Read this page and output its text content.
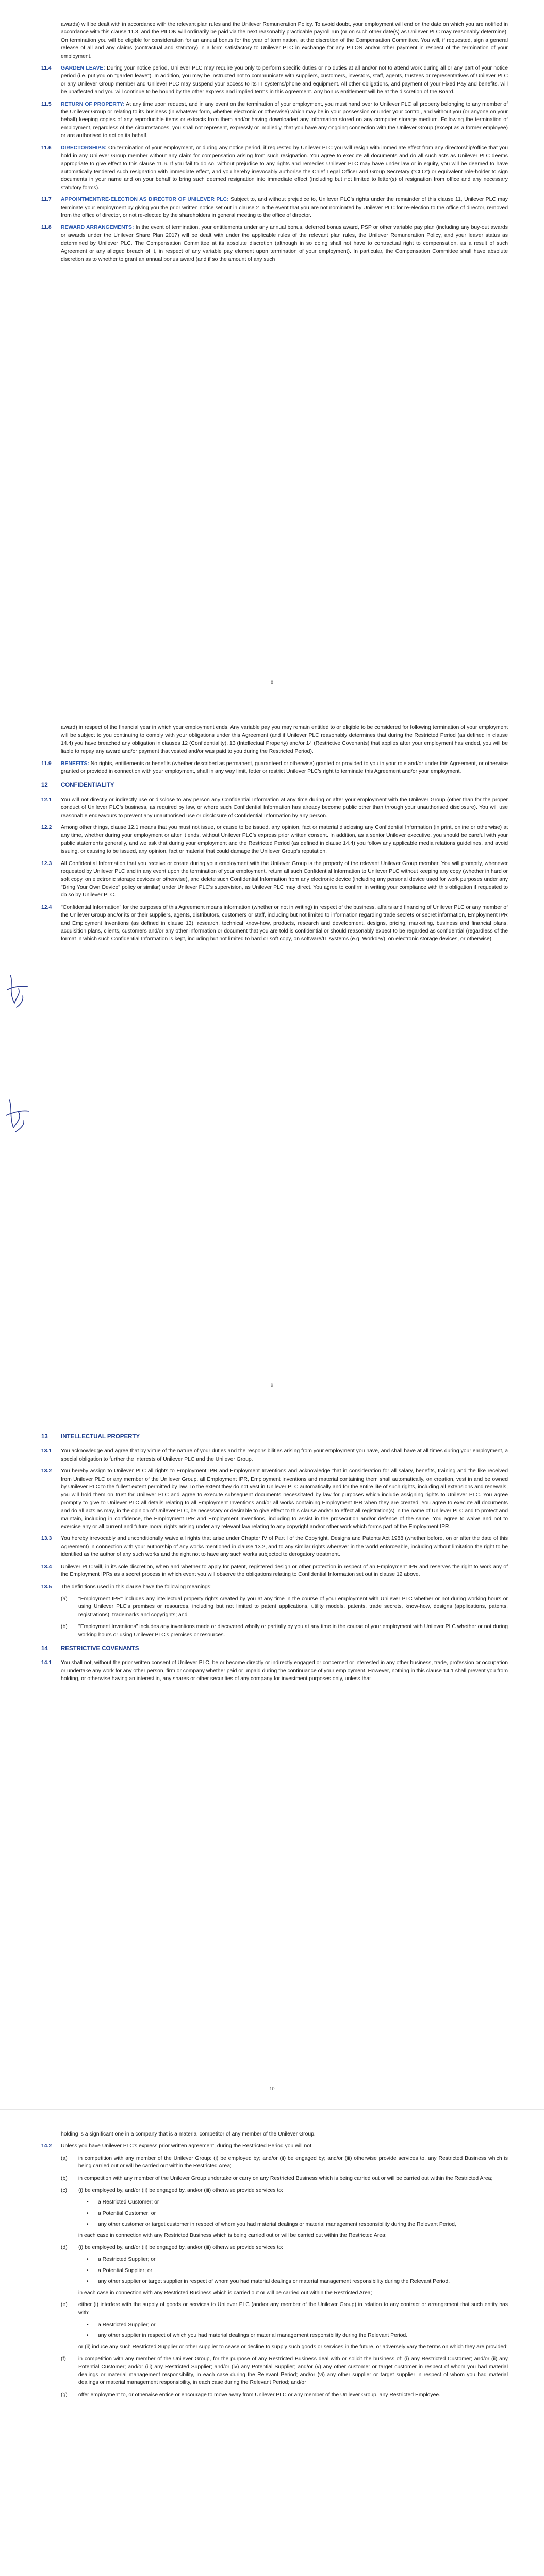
awards) will be dealt with in accordance with the relevant plan rules and the Unilever Remuneration Policy. To avoid doubt, your employment will end on the date on which you are notified in accordance with this clause 11.3, and the PILON will ordinarily be paid via the next reasonably practicable payroll run (or on such other date(s) as Unilever PLC may reasonably determine). On termination you will be eligible for consideration for an annual bonus for the year of termination, at the discretion of the Compensation Committee. You will, if requested, sign a general release of all and any claims (contractual and statutory) in a form satisfactory to Unilever PLC in exchange for any PILON and/or other payment in respect of the termination of your employment.
11.4	GARDEN LEAVE: During your notice period, Unilever PLC may require you only to perform specific duties or no duties at all and/or not to attend work during all or any part of your notice period (i.e. put you on "garden leave"). In addition, you may be instructed not to communicate with suppliers, customers, investors, staff, agents, trustees or representatives of Unilever PLC or any Unilever Group member and Unilever PLC may suspend your access to its IT systems/phone and equipment. All other obligations, and payment of your Fixed Pay and benefits, will be unaffected and you will continue to be bound by the other express and implied terms in this Agreement. Any bonus entitlement will be at the discretion of the Board.
11.5	RETURN OF PROPERTY: At any time upon request, and in any event on the termination of your employment, you must hand over to Unilever PLC all property belonging to any member of the Unilever Group or relating to its business (in whatever form, whether electronic or otherwise) which may be in your possession or under your control, and without you (or anyone on your behalf) keeping copies of any reproducible items or extracts from them and/or having downloaded any information stored on any computer storage medium. Following the termination of employment, regardless of the circumstances, you shall not represent, expressly or impliedly, that you have any ongoing connection with the Unilever Group (except as a former employee) or are authorised to act on its behalf.
11.6	DIRECTORSHIPS: On termination of your employment, or during any notice period, if requested by Unilever PLC you will resign with immediate effect from any directorship/office that you hold in any Unilever Group member without any claim for compensation arising from such resignation. You agree to execute all documents and do all such acts as Unilever PLC deems appropriate to give effect to this clause 11.6. If you fail to do so, without prejudice to any rights and remedies Unilever PLC may have under law or in equity, you will be deemed to have automatically tendered such resignation with immediate effect, and you hereby irrevocably authorise the Chief Legal Officer and Group Secretary ("CLO") or equivalent role-holder to sign documents in your name and on your behalf to bring such deemed resignation into immediate effect (including but not limited to letter(s) of resignation from office and any necessary statutory forms).
11.7	APPOINTMENT/RE-ELECTION AS DIRECTOR OF UNILEVER PLC: Subject to, and without prejudice to, Unilever PLC's rights under the remainder of this clause 11, Unilever PLC may terminate your employment by giving you the prior written notice set out in clause 2 in the event that you are not nominated by Unilever PLC for re-election to the office of director, removed from the office of director, or not re-elected by the shareholders in general meeting to the office of director.
11.8	REWARD ARRANGEMENTS: In the event of termination, your entitlements under any annual bonus, deferred bonus award, PSP or other variable pay plan (including any buy-out awards or awards under the Unilever Share Plan 2017) will be dealt with under the applicable rules of the relevant plan rules, the Unilever Remuneration Policy, and your leaver status as determined by Unilever PLC. The Compensation Committee at its absolute discretion (although in so doing shall not have to contractual right to compensation, as a result of such Agreement or any alleged breach of it, in respect of any variable pay element upon termination of your employment). In particular, the Compensation Committee shall have absolute discretion as to whether to grant an annual bonus award (and if so the amount of any such
8
award) in respect of the financial year in which your employment ends. Any variable pay you may remain entitled to or eligible to be considered for following termination of your employment will be subject to you continuing to comply with your obligations under this Agreement (and if Unilever PLC reasonably determines that during the Restricted Period (as defined in clause 14.4) you have breached any obligation in clauses 12 (Confidentiality), 13 (Intellectual Property) and/or 14 (Restrictive Covenants) that applies after your employment has ended, you will be liable to repay any award and/or payment that vested and/or was paid to you during the Restricted Period).
11.9	BENEFITS: No rights, entitlements or benefits (whether described as permanent, guaranteed or otherwise) granted or provided to you in your role and/or under this Agreement, or otherwise granted or provided in connection with your employment, shall in any way limit, fetter or restrict Unilever PLC's right to terminate this Agreement and/or your employment.
12	CONFIDENTIALITY
12.1	You will not directly or indirectly use or disclose to any person any Confidential Information at any time during or after your employment with the Unilever Group (other than for the proper conduct of Unilever PLC's business, as required by law, or where such Confidential Information has already become public other than through your unauthorised disclosure). You will use reasonable endeavours to prevent any unauthorised use or disclosure of Confidential Information by any person.
12.2	Among other things, clause 12.1 means that you must not issue, or cause to be issued, any opinion, fact or material disclosing any Confidential Information (in print, online or otherwise) at any time, whether during your employment or after it ends, without Unilever PLC's express prior written consent. In addition, as a senior Unilever executive, you should be careful with your public statements generally, and we ask that during your employment and the Restricted Period (as defined in clause 14.4) you follow any applicable media relations guidelines, and avoid issuing, or causing to be issued, any opinion, fact or material that could damage the Unilever Group's reputation.
12.3	All Confidential Information that you receive or create during your employment with the Unilever Group is the property of the relevant Unilever Group member. You will promptly, whenever requested by Unilever PLC and in any event upon the termination of your employment, return all such Confidential Information to Unilever PLC without keeping any copy (whether in hard or soft copy, on electronic storage devices or otherwise), and delete such Confidential Information from any electronic device (including any personal device used for work purposes under any "Bring Your Own Device" policy or similar) under Unilever PLC's supervision, as Unilever PLC may direct. You agree to confirm in writing your compliance with this obligation if requested to do so by Unilever PLC.
12.4	"Confidential Information" for the purposes of this Agreement means information (whether or not in writing) in respect of the business, affairs and financing of Unilever PLC or any member of the Unilever Group and/or its or their suppliers, agents, distributors, customers or staff, including but not limited to information regarding trade secrets or secret information, Employment IPR and Employment Inventions (as defined in clause 13), research, technical know-how, products, research and development, designs, pricing, marketing, business and financial plans, acquisition plans, clients, customers and/or any other information or document that you are told is confidential or should reasonably expect to be regarded as confidential (regardless of the format in which such Confidential Information is kept, including but not limited to hard or soft copy, on software/IT systems (e.g. Workday), on electronic storage devices, or otherwise).
9
13	INTELLECTUAL PROPERTY
13.1	You acknowledge and agree that by virtue of the nature of your duties and the responsibilities arising from your employment you have, and shall have at all times during your employment, a special obligation to further the interests of Unilever PLC and the Unilever Group.
13.2	You hereby assign to Unilever PLC all rights to Employment IPR and Employment Inventions and acknowledge that in consideration for all salary, benefits, training and the like received from Unilever PLC or any member of the Unilever Group, all Employment IPR, Employment Inventions and material containing them shall automatically, on creation, vest in and be owned by Unilever PLC to the fullest extent permitted by law. To the extent they do not vest in Unilever PLC automatically and for the entire life of such rights, including all extensions and renewals, you will hold them on trust for Unilever PLC and agree to execute subsequent documents necessitated by law for purposes which include assigning rights to Unilever PLC. You agree promptly to give to Unilever PLC all details relating to all Employment Inventions and/or all works containing Employment IPR when they are created. You agree to execute all documents and do all acts as may, in the opinion of Unilever PLC, be necessary or desirable to give effect to this clause and/or to effect all registration(s) in the name of Unilever PLC and to protect and maintain, including in confidence, the Employment IPR and Employment Inventions, including to assist in the prosecution and/or defence of the same. You agree to waive and not to exercise any or all current and future moral rights arising under any relevant law relating to any copyright and/or other work which forms part of the Employment IPR.
13.3	You hereby irrevocably and unconditionally waive all rights that arise under Chapter IV of Part I of the Copyright, Designs and Patents Act 1988 (whether before, on or after the date of this Agreement) in connection with your authorship of any works mentioned in clause 13.2, and to any similar rights wherever in the world enforceable, including without limitation the right to be identified as the author of any such works and the right not to have any such works subjected to derogatory treatment.
13.4	Unilever PLC will, in its sole discretion, when and whether to apply for patent, registered design or other protection in respect of an Employment IPR and reserves the right to work any of the Employment IPRs as a secret process in which event you will observe the obligations relating to Confidential Information set out in clause 12 above.
13.5	The definitions used in this clause have the following meanings:
(a)	"Employment IPR" includes any intellectual property rights created by you at any time in the course of your employment with Unilever PLC whether or not during working hours or using Unilever PLC's premises or resources, including but not limited to patent applications, utility models, patents, trade secrets, know-how, designs (applications, patents, registrations), trademarks and copyrights; and
(b)	"Employment Inventions" includes any inventions made or discovered wholly or partially by you at any time in the course of your employment with Unilever PLC whether or not during working hours or using Unilever PLC's premises or resources.
14	RESTRICTIVE COVENANTS
14.1	You shall not, without the prior written consent of Unilever PLC, be or become directly or indirectly engaged or concerned or interested in any other business, trade, profession or occupation or undertake any work for any other person, firm or company whether paid or unpaid during the continuance of your employment. However, nothing in this clause 14.1 shall prevent you from holding, or otherwise having an interest in, any shares or other securities of any company for investment purposes only, unless that
10
holding is a significant one in a company that is a material competitor of any member of the Unilever Group.
14.2	Unless you have Unilever PLC's express prior written agreement, during the Restricted Period you will not:
(a)	in competition with any member of the Unilever Group: (i) be employed by; and/or (ii) be engaged by; and/or (iii) otherwise provide services to, any Restricted Business which is being carried out or will be carried out within the Restricted Area;
(b)	in competition with any member of the Unilever Group undertake or carry on any Restricted Business which is being carried out or will be carried out within the Restricted Area;
(c)	(i) be employed by, and/or (ii) be engaged by, and/or (iii) otherwise provide services to:
•	a Restricted Customer; or
•	a Potential Customer; or
•	any other customer or target customer in respect of whom you had material dealings or material management responsibility during the Relevant Period,
in each case in connection with any Restricted Business which is being carried out or will be carried out within the Restricted Area;
(d)	(i) be employed by, and/or (ii) be engaged by, and/or (iii) otherwise provide services to:
•	a Restricted Supplier; or
•	a Potential Supplier; or
•	any other supplier or target supplier in respect of whom you had material dealings or material management responsibility during the Relevant Period,
in each case in connection with any Restricted Business which is carried out or will be carried out within the Restricted Area;
(e)	either (i) interfere with the supply of goods or services to Unilever PLC (and/or any member of the Unilever Group) in relation to any contract or arrangement that such entity has with:
•	a Restricted Supplier; or
•	any other supplier in respect of which you had material dealings or material management responsibility during the Relevant Period.
or (ii) induce any such Restricted Supplier or other supplier to cease or decline to supply such goods or services in the future, or adversely vary the terms on which they are provided;
(f)	in competition with any member of the Unilever Group, for the purpose of any Restricted Business deal with or solicit the business of: (i) any Restricted Customer; and/or (ii) any Potential Customer; and/or (iii) any Restricted Supplier; and/or (iv) any Potential Supplier; and/or (v) any other customer or target customer in respect of whom you had material dealings or material management responsibility, in each case during the Relevant Period; and/or (vi) any other supplier or target supplier in respect of whom you had material dealings or material management responsibility, in each case during the Relevant Period; and/or
(g)	offer employment to, or otherwise entice or encourage to move away from Unilever PLC or any member of the Unilever Group, any Restricted Employee.
